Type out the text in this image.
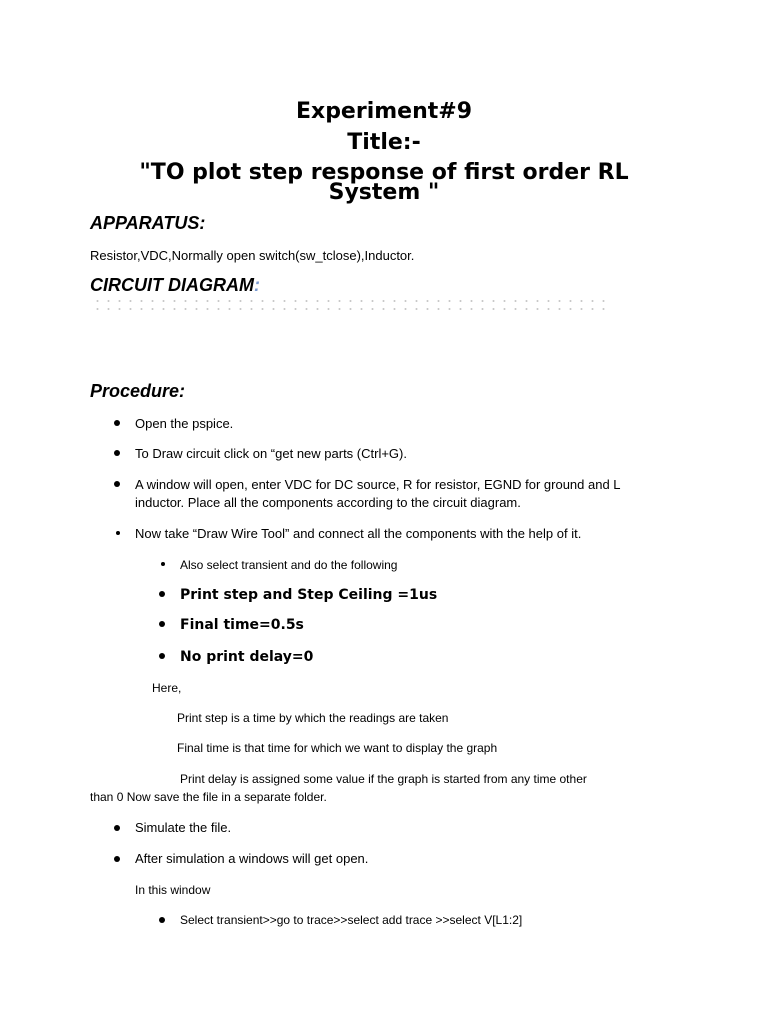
Experiment#9
Title:-
"TO plot step response of first order RL
System "
APPARATUS:
Resistor,VDC,Normally open switch(sw_tclose),Inductor.
CIRCUIT DIAGRAM:
Procedure:
Open the pspice.
To Draw circuit click on “get new parts (Ctrl+G).
A window will open, enter VDC for DC source, R for resistor, EGND for ground and L
inductor. Place all the components according to the circuit diagram.
Now take “Draw Wire Tool” and connect all the components with the help of it.
Also select transient and do the following
Print step and Step Ceiling =1us
Final time=0.5s
No print delay=0
Here,
Print step is a time by which the readings are taken
Final time is that time for which we want to display the graph
Print delay is assigned some value if the graph is started from any time other
than 0 Now save the file in a separate folder.
Simulate the file.
After simulation a windows will get open.
In this window
Select transient>>go to trace>>select add trace >>select V[L1:2]
